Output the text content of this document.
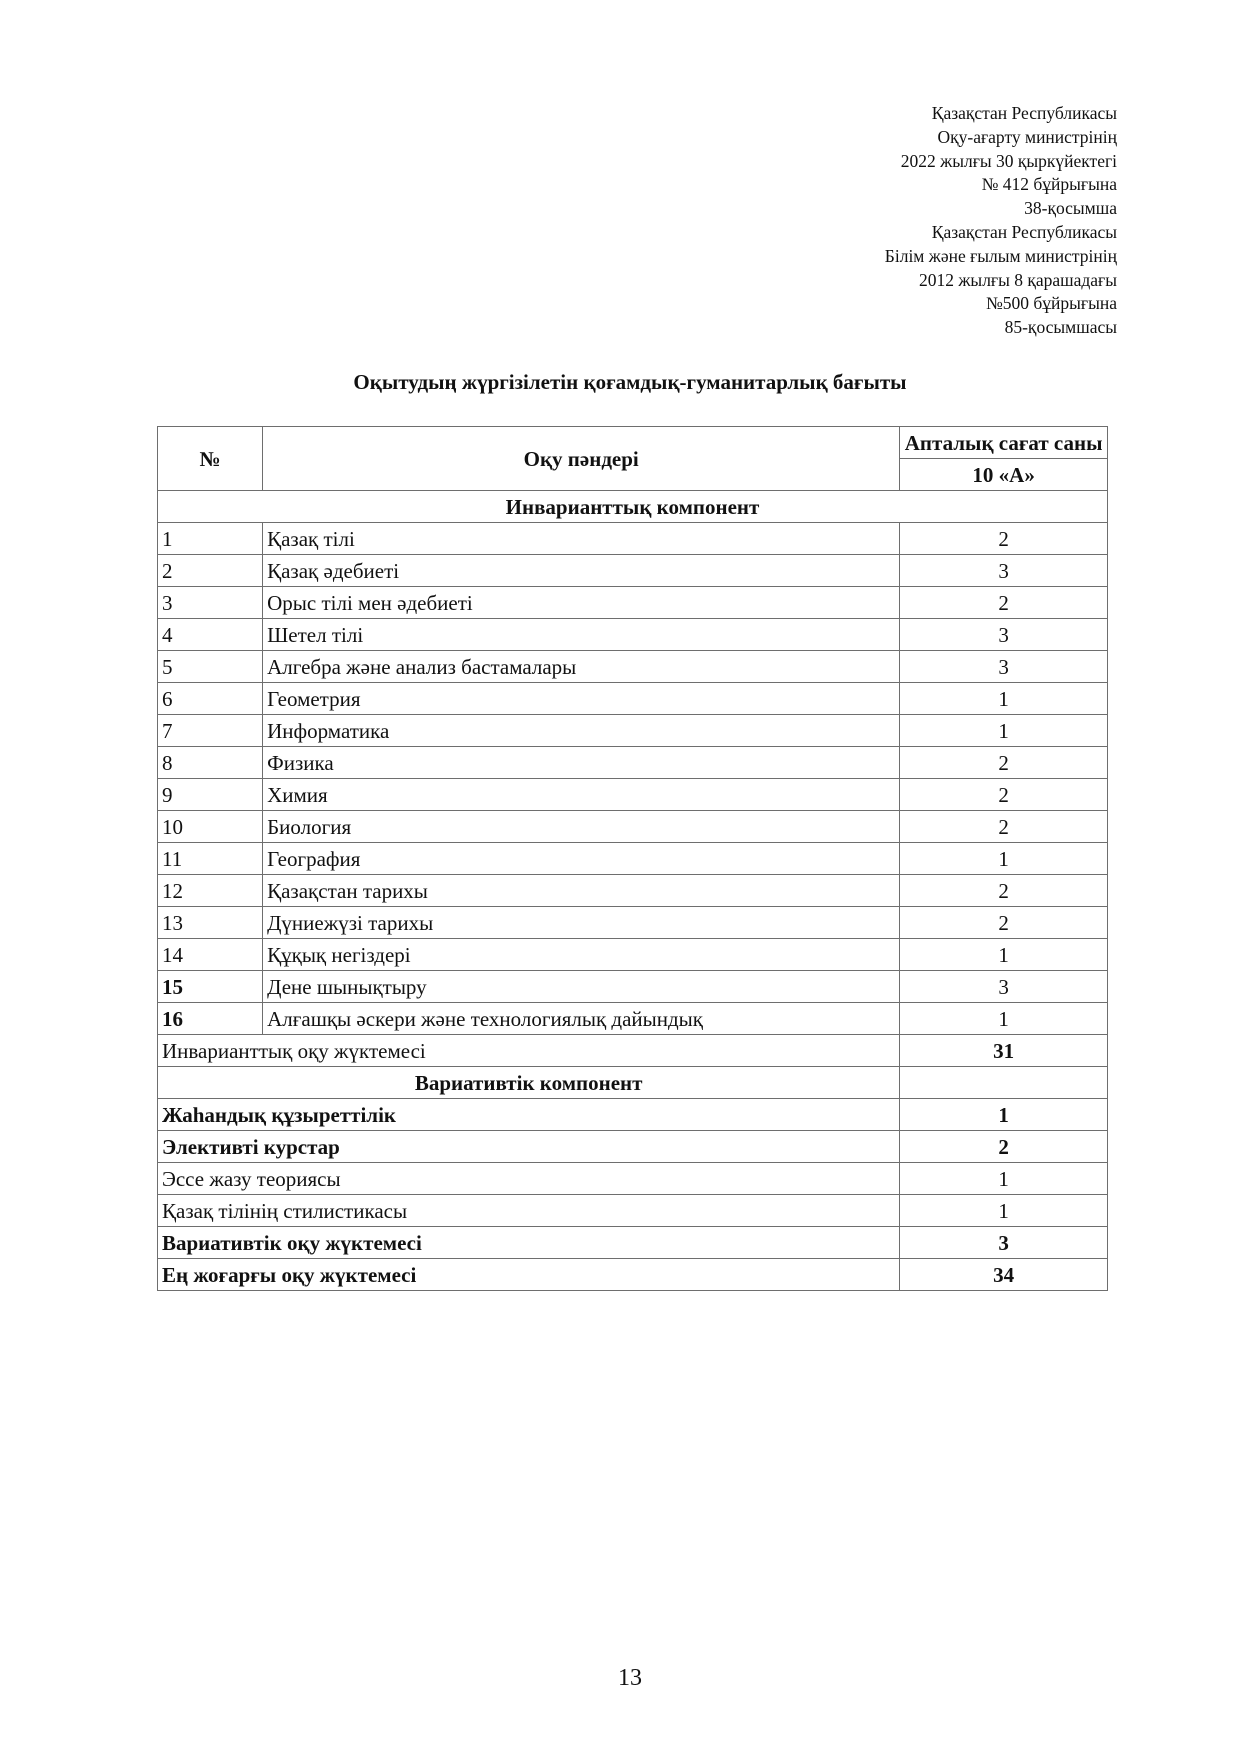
Қазақстан Республикасы
Оқу-ағарту министрінің
2022 жылғы 30 қыркүйектегі
№ 412 бұйрығына
38-қосымша
Қазақстан Республикасы
Білім және ғылым министрінің
2012 жылғы 8 қарашадағы
№500 бұйрығына
85-қосымшасы
Оқытудың жүргізілетін қоғамдық-гуманитарлық бағыты
№	Оқу пәндері	Апталық сағат саны
		10 «А»
Инварианттық компонент		
1	Қазақ тілі	2
2	Қазақ әдебиеті	3
3	Орыс тілі мен әдебиеті	2
4	Шетел тілі	3
5	Алгебра және анализ бастамалары	3
6	Геометрия	1
7	Информатика	1
8	Физика	2
9	Химия	2
10	Биология	2
11	География	1
12	Қазақстан тарихы	2
13	Дүниежүзі тарихы	2
14	Құқық негіздері	1
15	Дене шынықтыру	3
16	Алғашқы әскери және технологиялық дайындық	1
Инварианттық оқу жүктемесі		31
Вариативтік компонент		
Жаһандық құзыреттілік		1
Элективті курстар		2
Эссе жазу теориясы		1
Қазақ тілінің стилистикасы		1
Вариативтік оқу жүктемесі		3
Ең жоғарғы оқу жүктемесі		34
13
